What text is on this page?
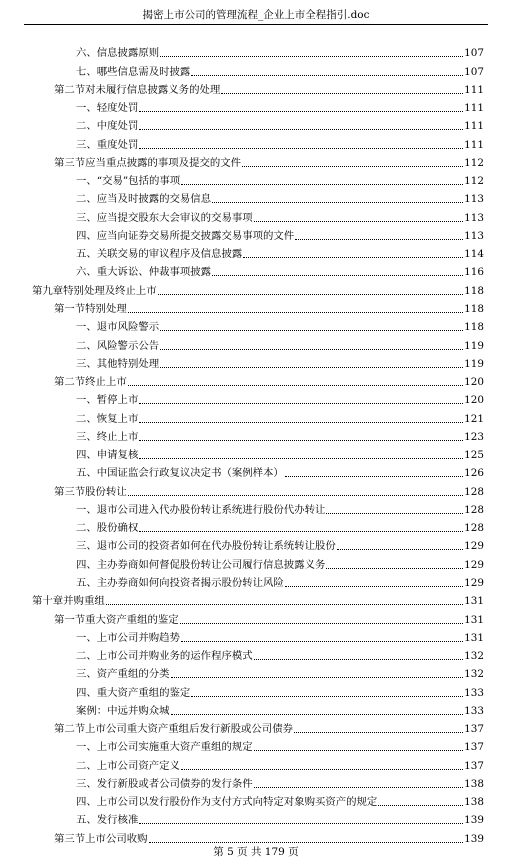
揭密上市公司的管理流程_企业上市全程指引.doc
六、信息披露原则	107
七、哪些信息需及时披露	107
第二节对未履行信息披露义务的处理	111
一、轻度处罚	111
二、中度处罚	111
三、重度处罚	111
第三节应当重点披露的事项及提交的文件	112
一、“交易”包括的事项	112
二、应当及时披露的交易信息	113
三、应当提交股东大会审议的交易事项	113
四、应当向证券交易所提交披露交易事项的文件	113
五、关联交易的审议程序及信息披露	114
六、重大诉讼、仲裁事项披露	116
第九章特别处理及终止上市	118
第一节特别处理	118
一、退市风险警示	118
二、风险警示公告	119
三、其他特别处理	119
第二节终止上市	120
一、暂停上市	120
二、恢复上市	121
三、终止上市	123
四、申请复核	125
五、中国证监会行政复议决定书（案例样本）	126
第三节股份转让	128
一、退市公司进入代办股份转让系统进行股份代办转让	128
二、股份确权	128
三、退市公司的投资者如何在代办股份转让系统转让股份	129
四、主办券商如何督促股份转让公司履行信息披露义务	129
五、主办券商如何向投资者揭示股份转让风险	129
第十章并购重组	131
第一节重大资产重组的鉴定	131
一、上市公司并购趋势	131
二、上市公司并购业务的运作程序模式	132
三、资产重组的分类	132
四、重大资产重组的鉴定	133
案例：中远并购众城	133
第二节上市公司重大资产重组后发行新股或公司债券	137
一、上市公司实施重大资产重组的规定	137
二、上市公司资产定义	137
三、发行新股或者公司债券的发行条件	138
四、上市公司以发行股份作为支付方式向特定对象购买资产的规定	138
五、发行核准	139
第三节上市公司收购	139
第 5 页 共 179 页
